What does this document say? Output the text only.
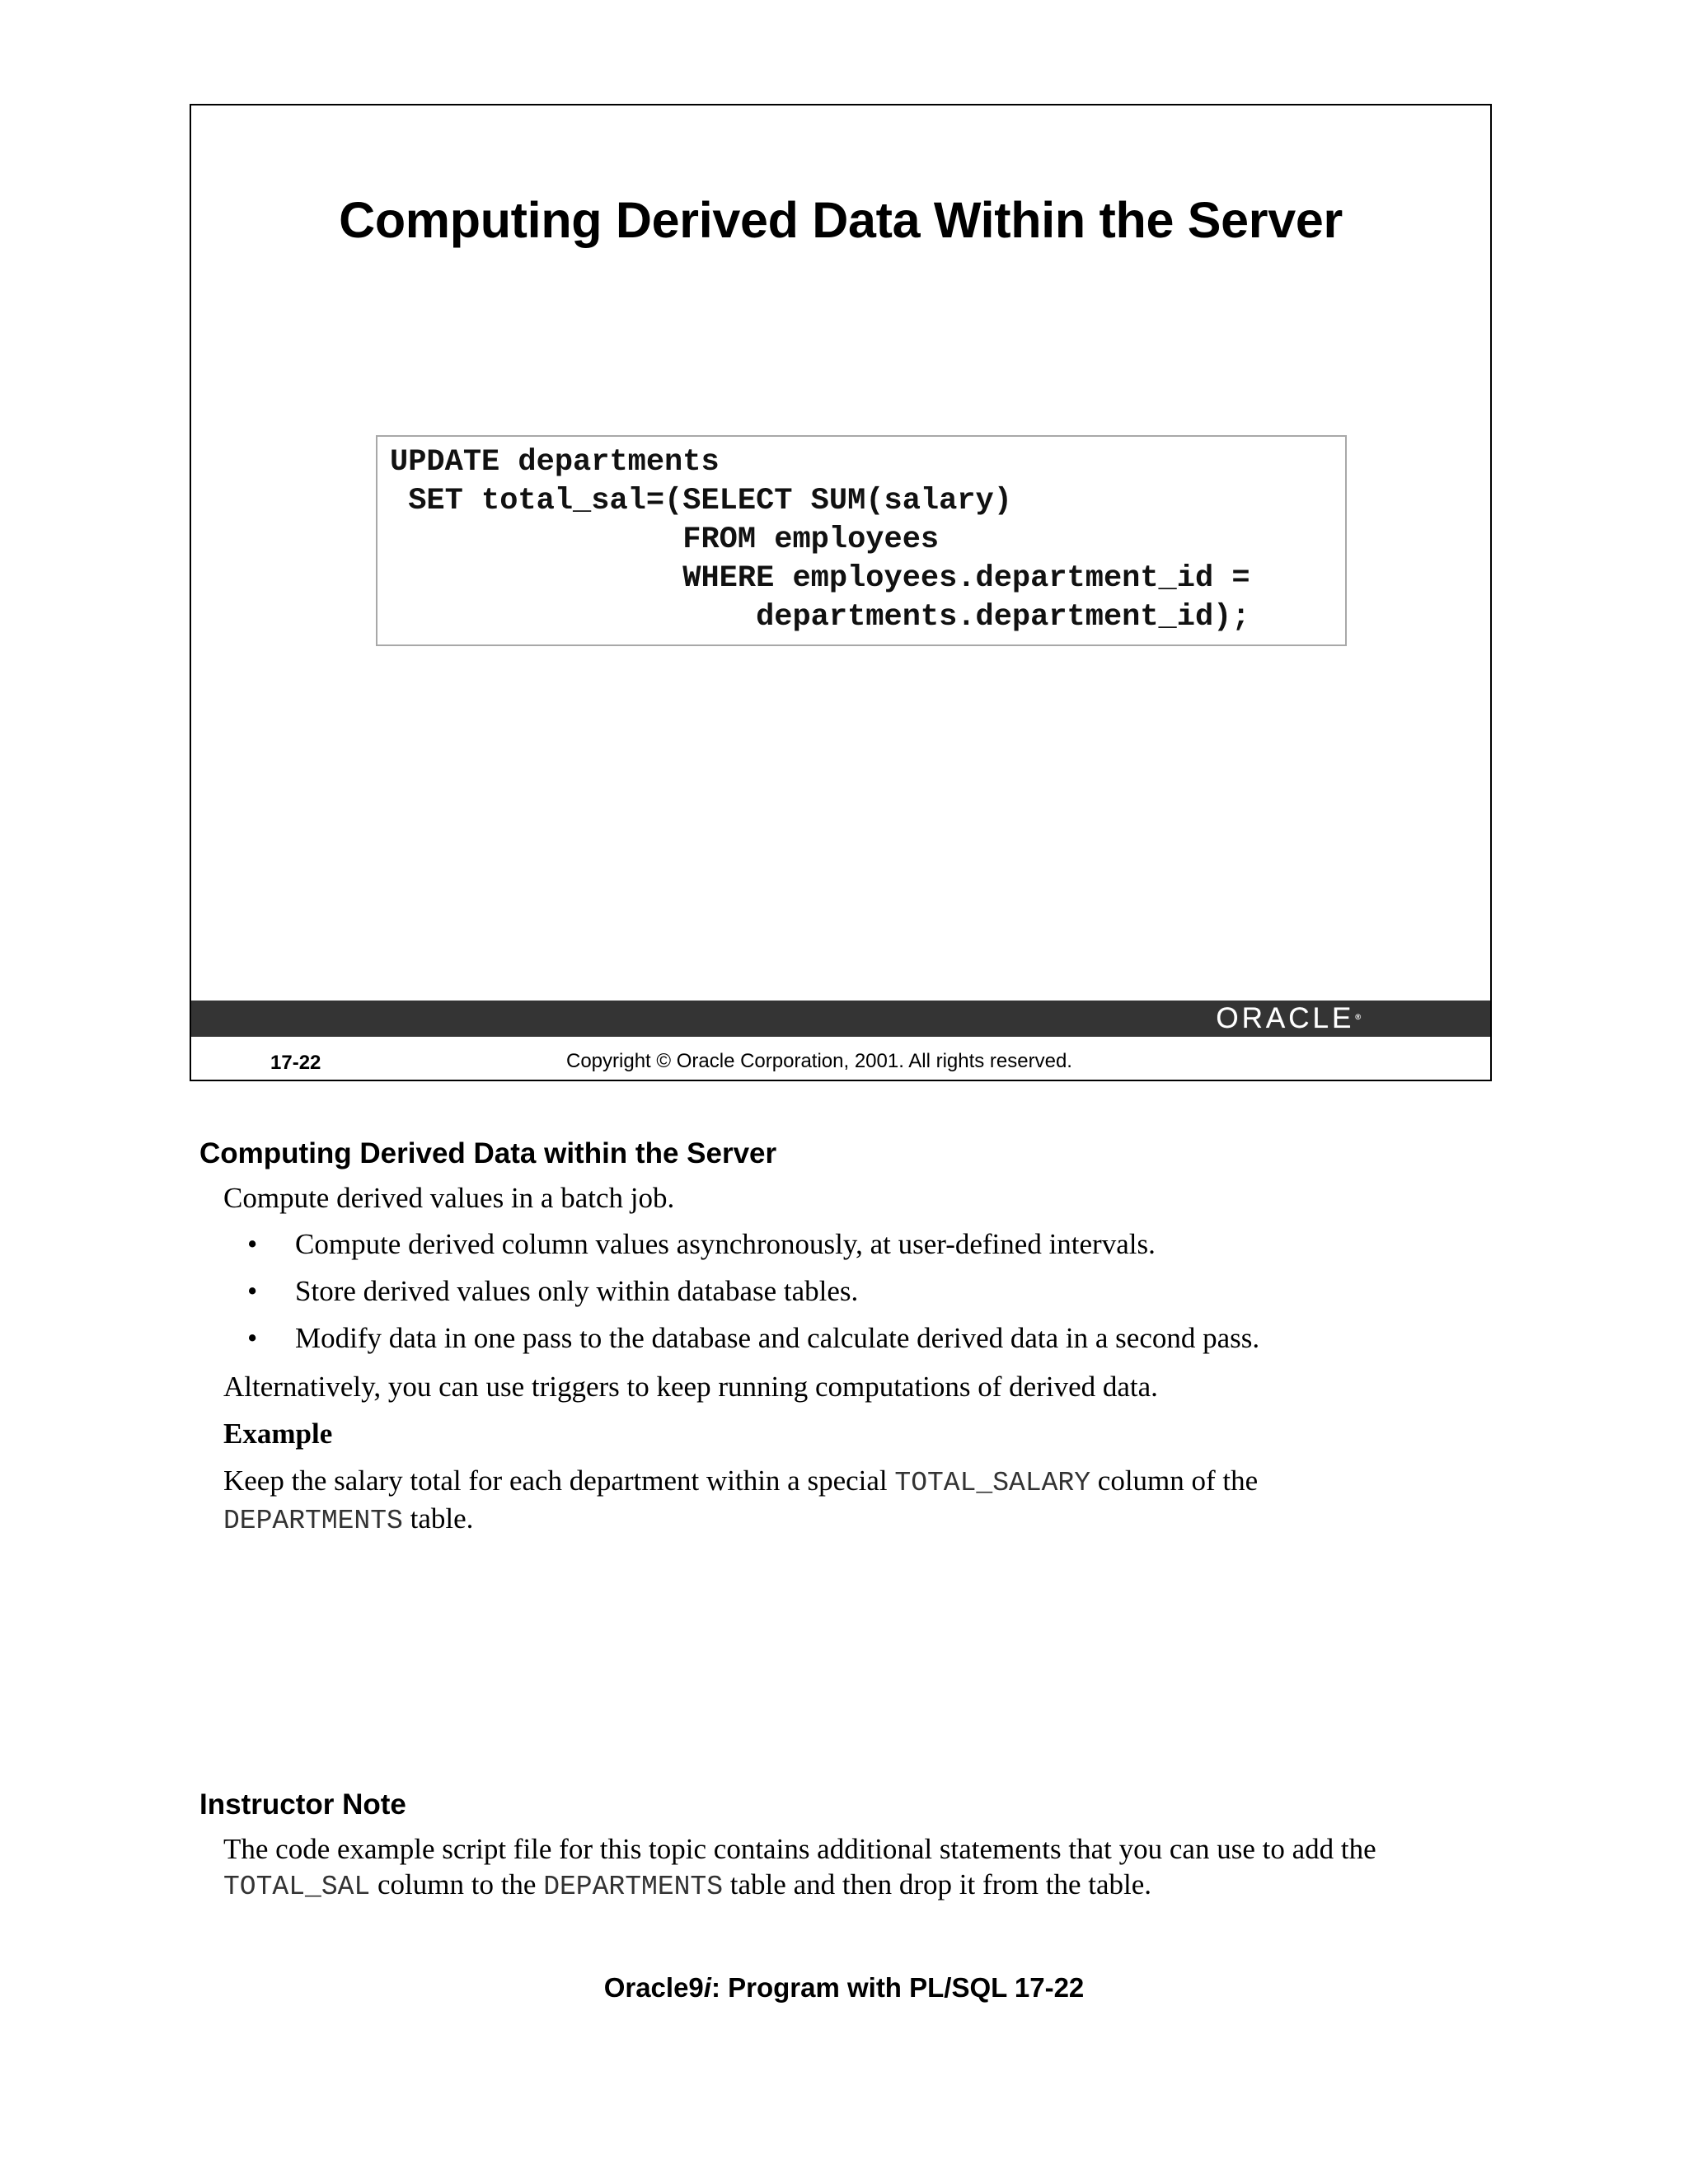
Computing Derived Data Within the Server
UPDATE departments
SET total_sal=(SELECT SUM(salary)
FROM employees
WHERE employees.department_id =
departments.department_id);
ORACLE®
17-22	Copyright © Oracle Corporation, 2001. All rights reserved.
Computing Derived Data within the Server

Compute derived values in a batch job.

• Compute derived column values asynchronously, at user-defined intervals.
• Store derived values only within database tables.
• Modify data in one pass to the database and calculate derived data in a second pass.

Alternatively, you can use triggers to keep running computations of derived data.

Example

Keep the salary total for each department within a special TOTAL_SALARY column of the
DEPARTMENTS table.

Instructor Note

The code example script file for this topic contains additional statements that you can use to add the
TOTAL_SAL column to the DEPARTMENTS table and then drop it from the table.

Oracle9i: Program with PL/SQL 17-22
